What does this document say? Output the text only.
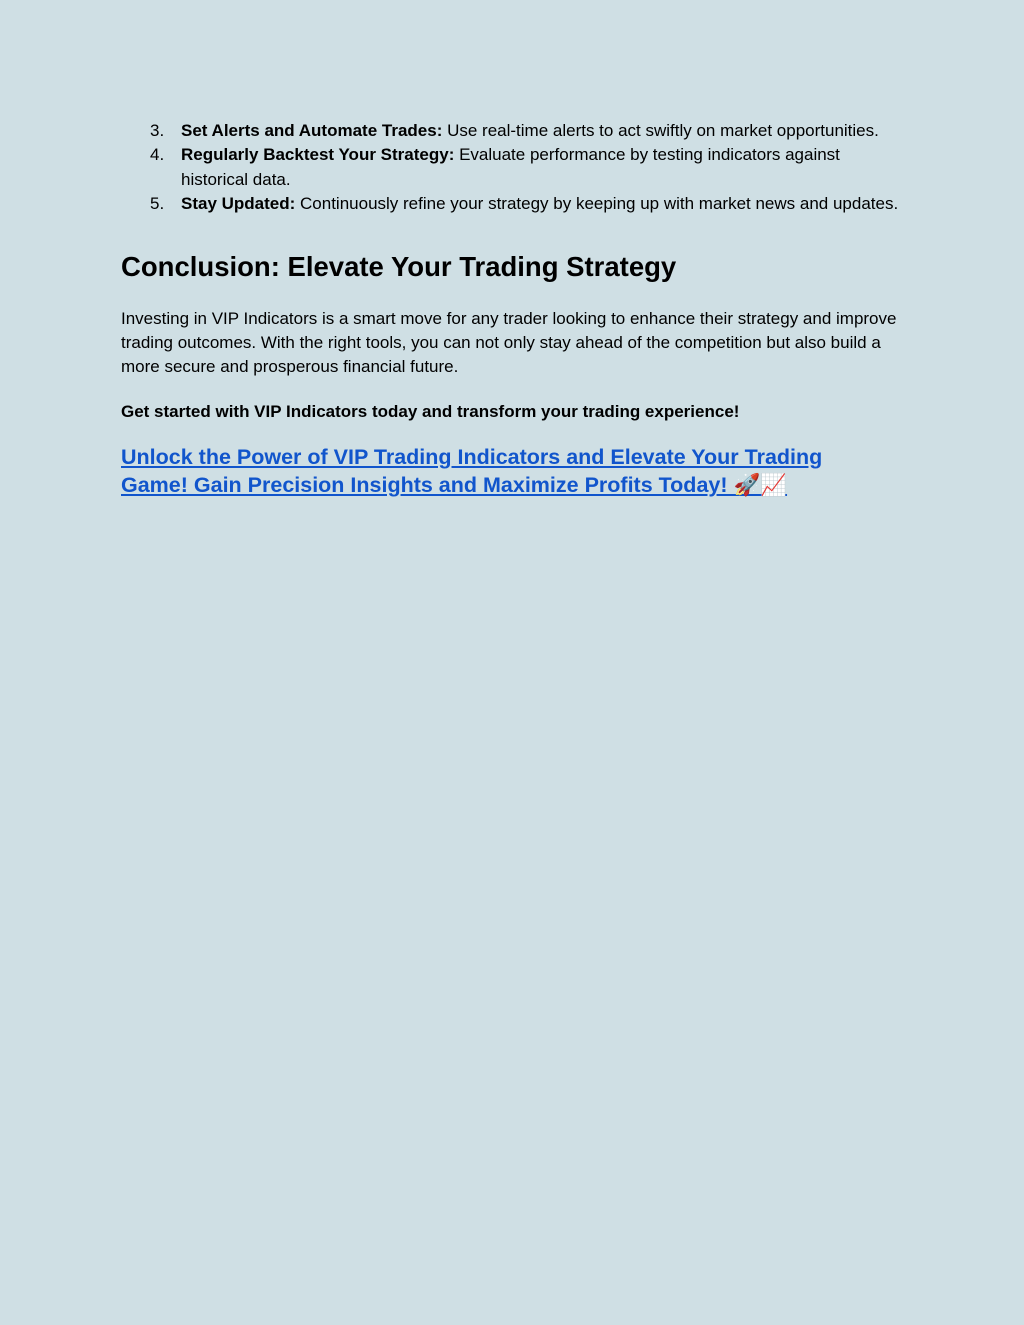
3. Set Alerts and Automate Trades: Use real-time alerts to act swiftly on market opportunities.
4. Regularly Backtest Your Strategy: Evaluate performance by testing indicators against historical data.
5. Stay Updated: Continuously refine your strategy by keeping up with market news and updates.
Conclusion: Elevate Your Trading Strategy

Investing in VIP Indicators is a smart move for any trader looking to enhance their strategy and improve trading outcomes. With the right tools, you can not only stay ahead of the competition but also build a more secure and prosperous financial future.

Get started with VIP Indicators today and transform your trading experience!

Unlock the Power of VIP Trading Indicators and Elevate Your Trading Game! Gain Precision Insights and Maximize Profits Today! 🚀📈
